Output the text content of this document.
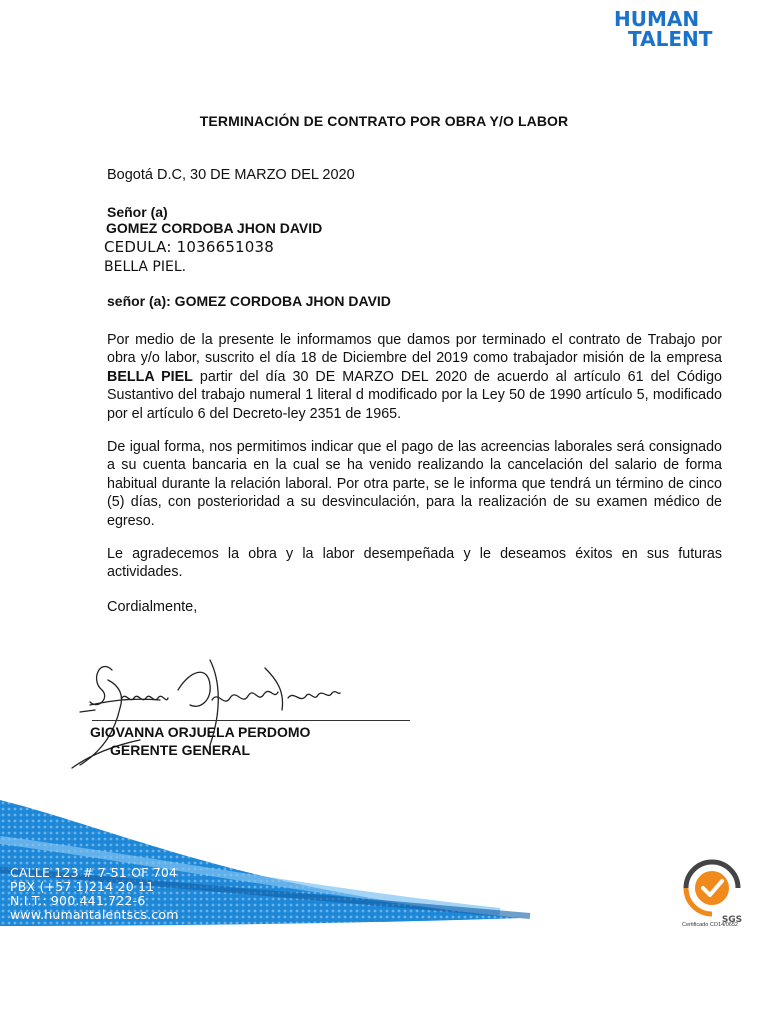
HUMAN
TALENT
TERMINACIÓN DE CONTRATO POR OBRA Y/O LABOR
Bogotá D.C, 30 DE MARZO DEL 2020
Señor (a)
GOMEZ CORDOBA JHON DAVID
CEDULA: 1036651038
BELLA PIEL.
señor (a): GOMEZ CORDOBA JHON DAVID
Por medio de la presente le informamos que damos por terminado el contrato de Trabajo por obra y/o labor, suscrito el día 18 de Diciembre del 2019 como trabajador misión de la empresa BELLA PIEL partir del día 30 DE MARZO DEL 2020 de acuerdo al artículo 61 del Código Sustantivo del trabajo numeral 1 literal d modificado por la Ley 50 de 1990 artículo 5, modificado por el artículo 6 del Decreto-ley 2351 de 1965.
De igual forma, nos permitimos indicar que el pago de las acreencias laborales será consignado a su cuenta bancaria en la cual se ha venido realizando la cancelación del salario de forma habitual durante la relación laboral. Por otra parte, se le informa que tendrá un término de cinco (5) días, con posterioridad a su desvinculación, para la realización de su examen médico de egreso.
Le agradecemos la obra y la labor desempeñada y le deseamos éxitos en sus futuras actividades.
Cordialmente,
GIOVANNA ORJUELA PERDOMO
GERENTE GENERAL
CALLE 123 # 7-51 OF 704
PBX (+57 1)214 20 11
N.I.T.: 900.441.722-6
www.humantalentscs.com	SGS
Certificado CO14/0652
